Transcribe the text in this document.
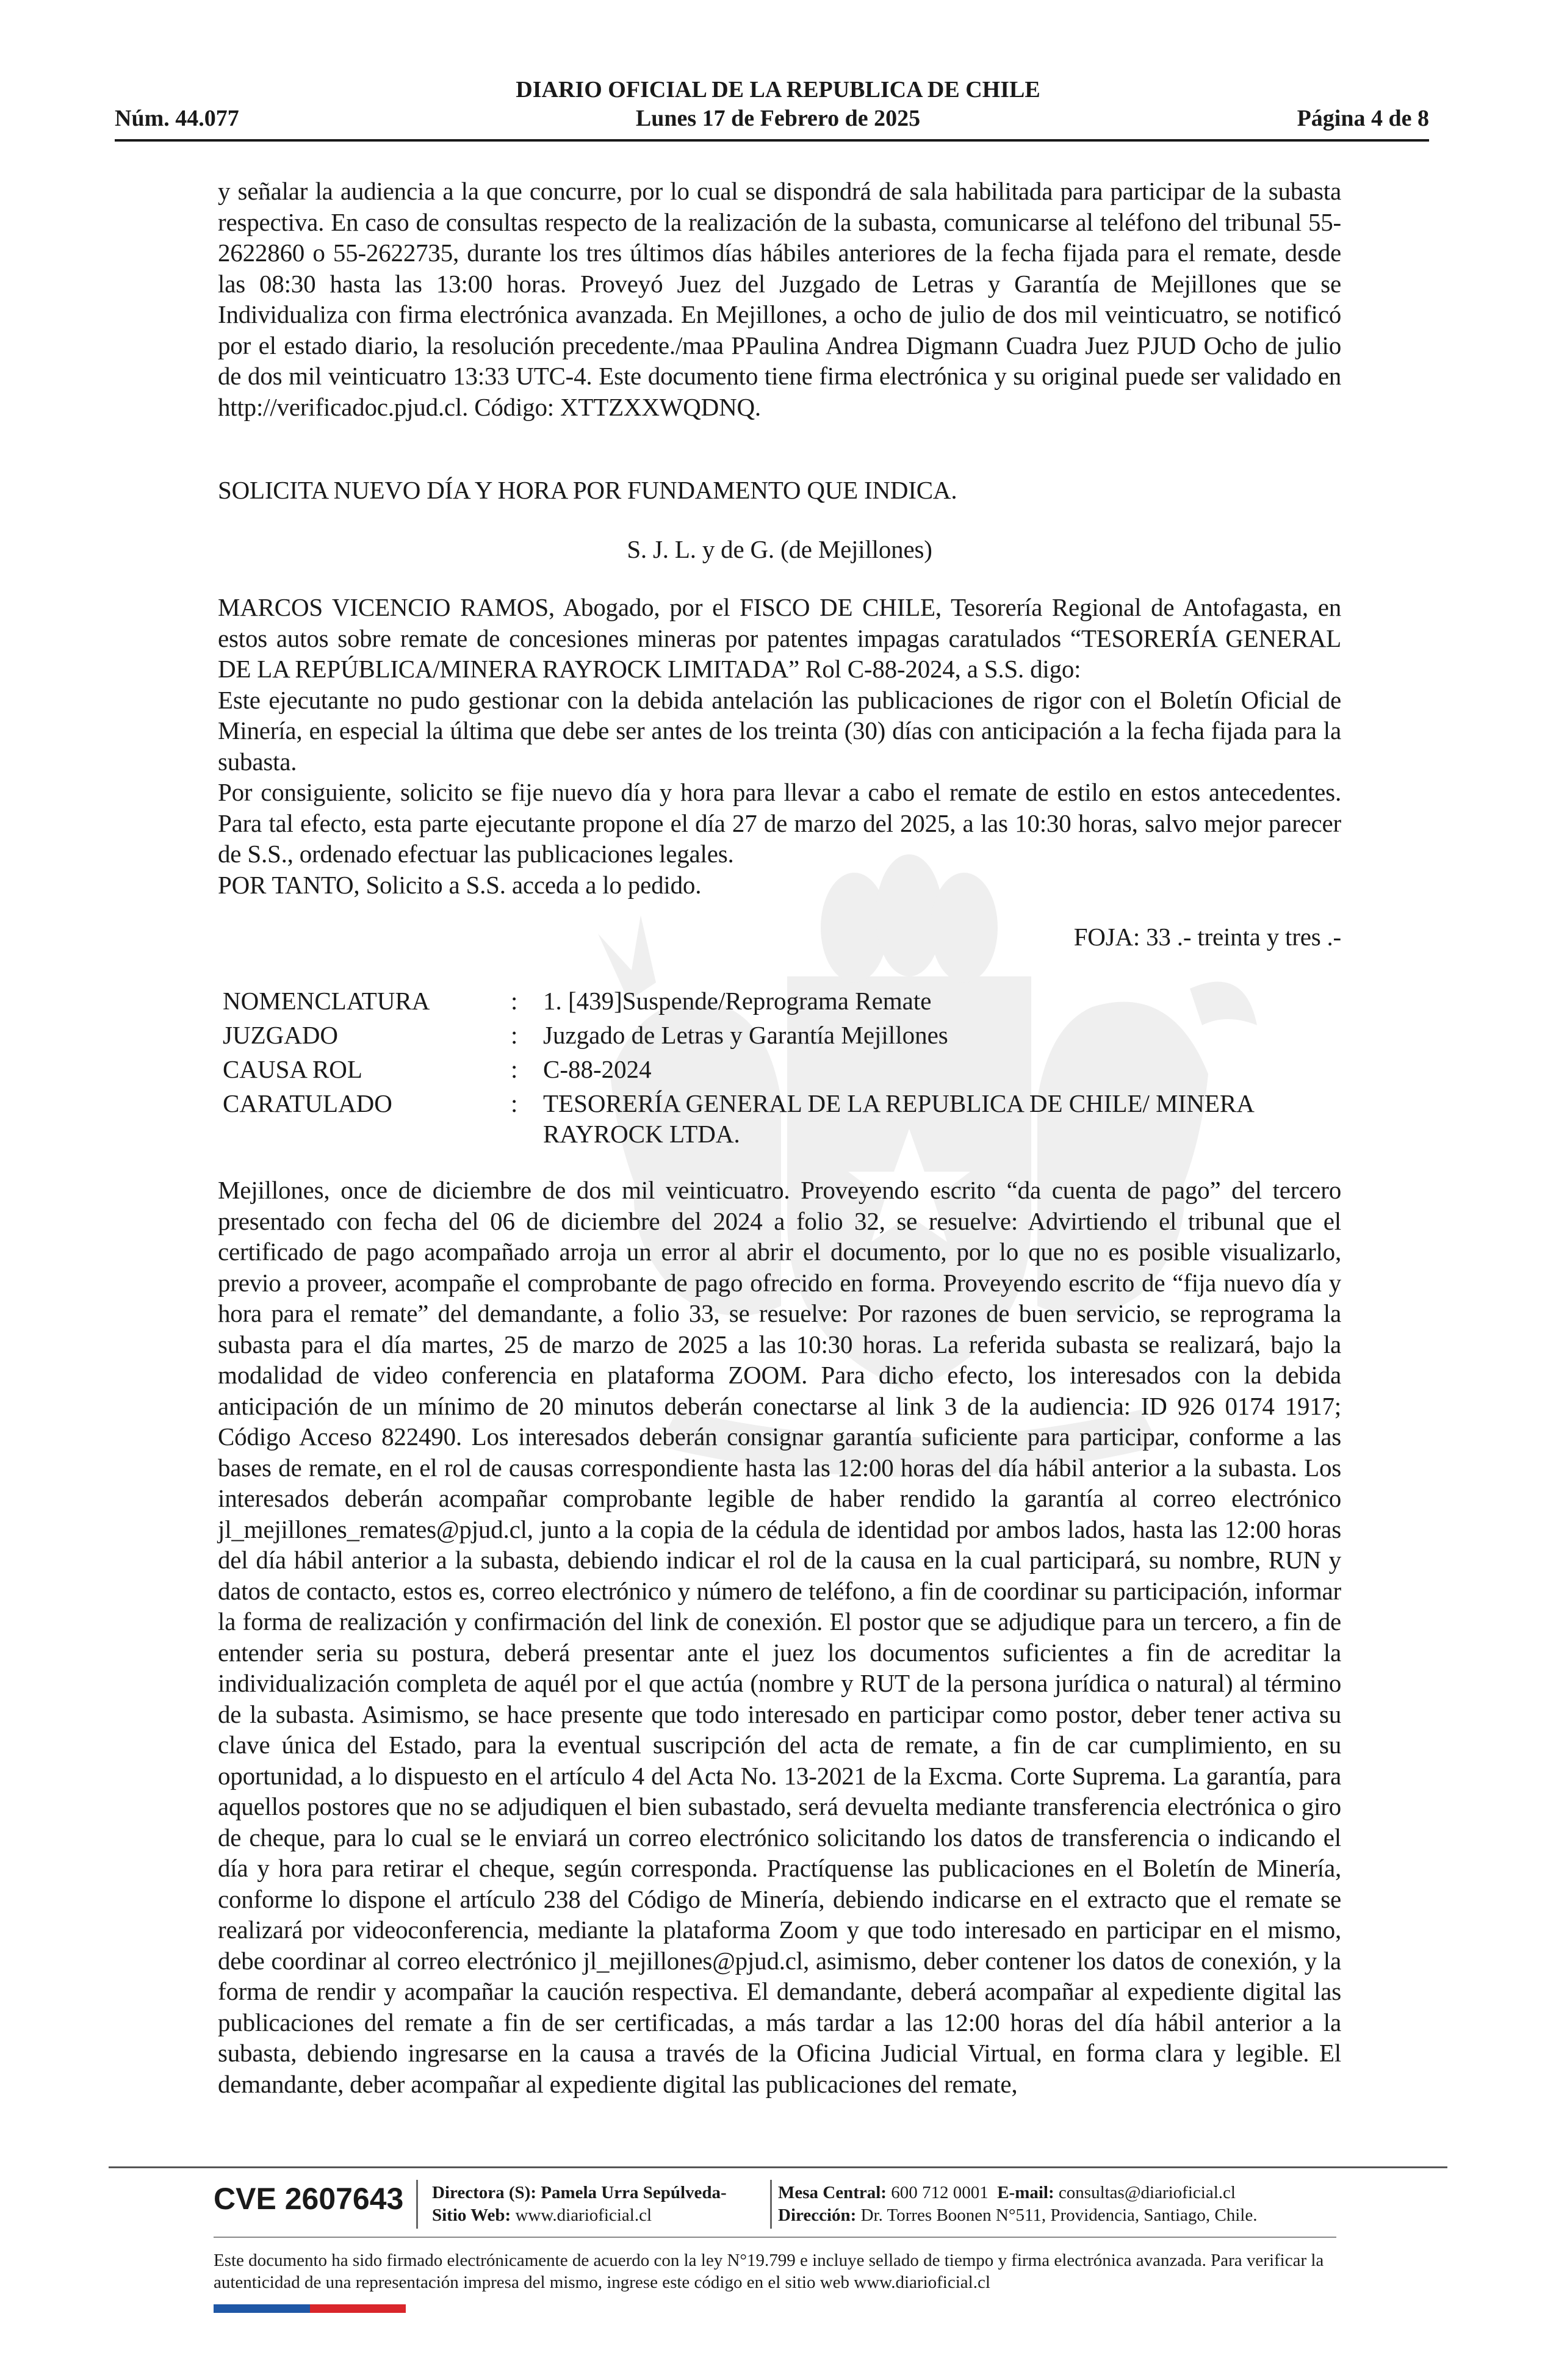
DIARIO OFICIAL DE LA REPUBLICA DE CHILE
Lunes 17 de Febrero de 2025
Núm. 44.077	Página 4 de 8
y señalar la audiencia a la que concurre, por lo cual se dispondrá de sala habilitada para participar de la subasta respectiva. En caso de consultas respecto de la realización de la subasta, comunicarse al teléfono del tribunal 55-2622860 o 55-2622735, durante los tres últimos días hábiles anteriores de la fecha fijada para el remate, desde las 08:30 hasta las 13:00 horas. Proveyó Juez del Juzgado de Letras y Garantía de Mejillones que se Individualiza con firma electrónica avanzada. En Mejillones, a ocho de julio de dos mil veinticuatro, se notificó por el estado diario, la resolución precedente./maa PPaulina Andrea Digmann Cuadra Juez PJUD Ocho de julio de dos mil veinticuatro 13:33 UTC-4. Este documento tiene firma electrónica y su original puede ser validado en http://verificadoc.pjud.cl. Código: XTTZXXWQDNQ.
SOLICITA NUEVO DÍA Y HORA POR FUNDAMENTO QUE INDICA.
S. J. L. y de G. (de Mejillones)
MARCOS VICENCIO RAMOS, Abogado, por el FISCO DE CHILE, Tesorería Regional de Antofagasta, en estos autos sobre remate de concesiones mineras por patentes impagas caratulados “TESORERÍA GENERAL DE LA REPÚBLICA/MINERA RAYROCK LIMITADA” Rol C-88-2024, a S.S. digo:
Este ejecutante no pudo gestionar con la debida antelación las publicaciones de rigor con el Boletín Oficial de Minería, en especial la última que debe ser antes de los treinta (30) días con anticipación a la fecha fijada para la subasta.
Por consiguiente, solicito se fije nuevo día y hora para llevar a cabo el remate de estilo en estos antecedentes. Para tal efecto, esta parte ejecutante propone el día 27 de marzo del 2025, a las 10:30 horas, salvo mejor parecer de S.S., ordenado efectuar las publicaciones legales.
POR TANTO, Solicito a S.S. acceda a lo pedido.
FOJA: 33 .- treinta y tres .-
NOMENCLATURA	:	1. [439]Suspende/Reprograma Remate
JUZGADO	:	Juzgado de Letras y Garantía Mejillones
CAUSA ROL	:	C-88-2024
CARATULADO	:	TESORERÍA GENERAL DE LA REPUBLICA DE CHILE/ MINERA RAYROCK LTDA.
Mejillones, once de diciembre de dos mil veinticuatro. Proveyendo escrito “da cuenta de pago” del tercero presentado con fecha del 06 de diciembre del 2024 a folio 32, se resuelve: Advirtiendo el tribunal que el certificado de pago acompañado arroja un error al abrir el documento, por lo que no es posible visualizarlo, previo a proveer, acompañe el comprobante de pago ofrecido en forma. Proveyendo escrito de “fija nuevo día y hora para el remate” del demandante, a folio 33, se resuelve: Por razones de buen servicio, se reprograma la subasta para el día martes, 25 de marzo de 2025 a las 10:30 horas. La referida subasta se realizará, bajo la modalidad de video conferencia en plataforma ZOOM. Para dicho efecto, los interesados con la debida anticipación de un mínimo de 20 minutos deberán conectarse al link 3 de la audiencia: ID 926 0174 1917; Código Acceso 822490. Los interesados deberán consignar garantía suficiente para participar, conforme a las bases de remate, en el rol de causas correspondiente hasta las 12:00 horas del día hábil anterior a la subasta. Los interesados deberán acompañar comprobante legible de haber rendido la garantía al correo electrónico jl_mejillones_remates@pjud.cl, junto a la copia de la cédula de identidad por ambos lados, hasta las 12:00 horas del día hábil anterior a la subasta, debiendo indicar el rol de la causa en la cual participará, su nombre, RUN y datos de contacto, estos es, correo electrónico y número de teléfono, a fin de coordinar su participación, informar la forma de realización y confirmación del link de conexión. El postor que se adjudique para un tercero, a fin de entender seria su postura, deberá presentar ante el juez los documentos suficientes a fin de acreditar la individualización completa de aquél por el que actúa (nombre y RUT de la persona jurídica o natural) al término de la subasta. Asimismo, se hace presente que todo interesado en participar como postor, deber tener activa su clave única del Estado, para la eventual suscripción del acta de remate, a fin de car cumplimiento, en su oportunidad, a lo dispuesto en el artículo 4 del Acta No. 13-2021 de la Excma. Corte Suprema. La garantía, para aquellos postores que no se adjudiquen el bien subastado, será devuelta mediante transferencia electrónica o giro de cheque, para lo cual se le enviará un correo electrónico solicitando los datos de transferencia o indicando el día y hora para retirar el cheque, según corresponda. Practíquense las publicaciones en el Boletín de Minería, conforme lo dispone el artículo 238 del Código de Minería, debiendo indicarse en el extracto que el remate se realizará por videoconferencia, mediante la plataforma Zoom y que todo interesado en participar en el mismo, debe coordinar al correo electrónico jl_mejillones@pjud.cl, asimismo, deber contener los datos de conexión, y la forma de rendir y acompañar la caución respectiva. El demandante, deberá acompañar al expediente digital las publicaciones del remate a fin de ser certificadas, a más tardar a las 12:00 horas del día hábil anterior a la subasta, debiendo ingresarse en la causa a través de la Oficina Judicial Virtual, en forma clara y legible. El demandante, deber acompañar al expediente digital las publicaciones del remate,
CVE 2607643 Directora (S): Pamela Urra Sepúlveda-
Sitio Web: www.diarioficial.cl
Mesa Central: 600 712 0001 E-mail: consultas@diarioficial.cl
Dirección: Dr. Torres Boonen N°511, Providencia, Santiago, Chile.
Este documento ha sido firmado electrónicamente de acuerdo con la ley N°19.799 e incluye sellado de tiempo y firma electrónica avanzada. Para verificar la autenticidad de una representación impresa del mismo, ingrese este código en el sitio web www.diarioficial.cl
